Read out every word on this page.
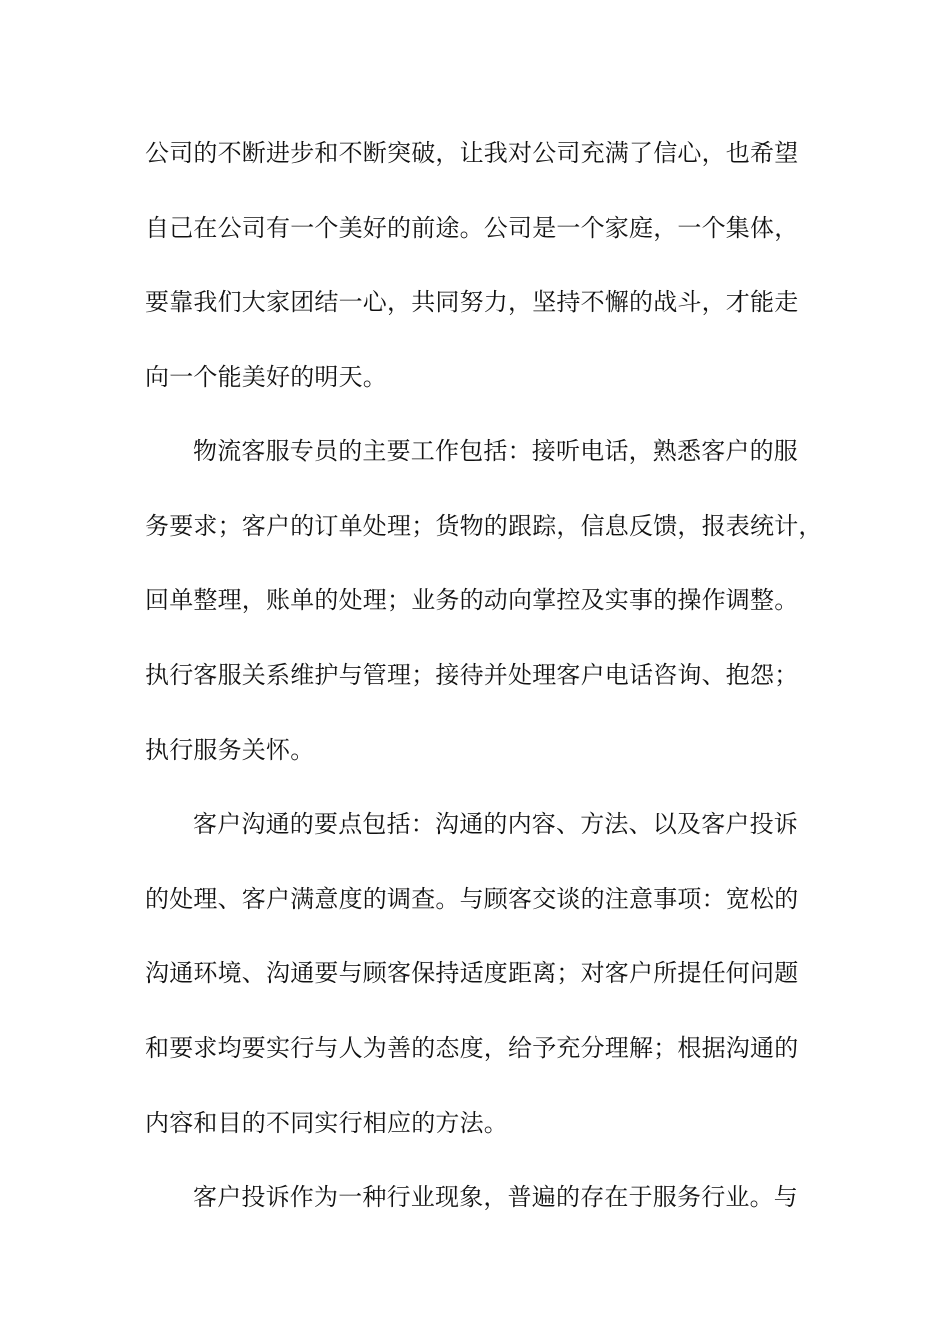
公司的不断进步和不断突破，让我对公司充满了信心，也希望
自己在公司有一个美好的前途。公司是一个家庭，一个集体，
要靠我们大家团结一心，共同努力，坚持不懈的战斗，才能走
向一个能美好的明天。
物流客服专员的主要工作包括：接听电话，熟悉客户的服
务要求；客户的订单处理；货物的跟踪，信息反馈，报表统计，
回单整理，账单的处理；业务的动向掌控及实事的操作调整。
执行客服关系维护与管理；接待并处理客户电话咨询、抱怨；
执行服务关怀。
客户沟通的要点包括：沟通的内容、方法、以及客户投诉
的处理、客户满意度的调查。与顾客交谈的注意事项：宽松的
沟通环境、沟通要与顾客保持适度距离；对客户所提任何问题
和要求均要实行与人为善的态度，给予充分理解；根据沟通的
内容和目的不同实行相应的方法。
客户投诉作为一种行业现象，普遍的存在于服务行业。与
